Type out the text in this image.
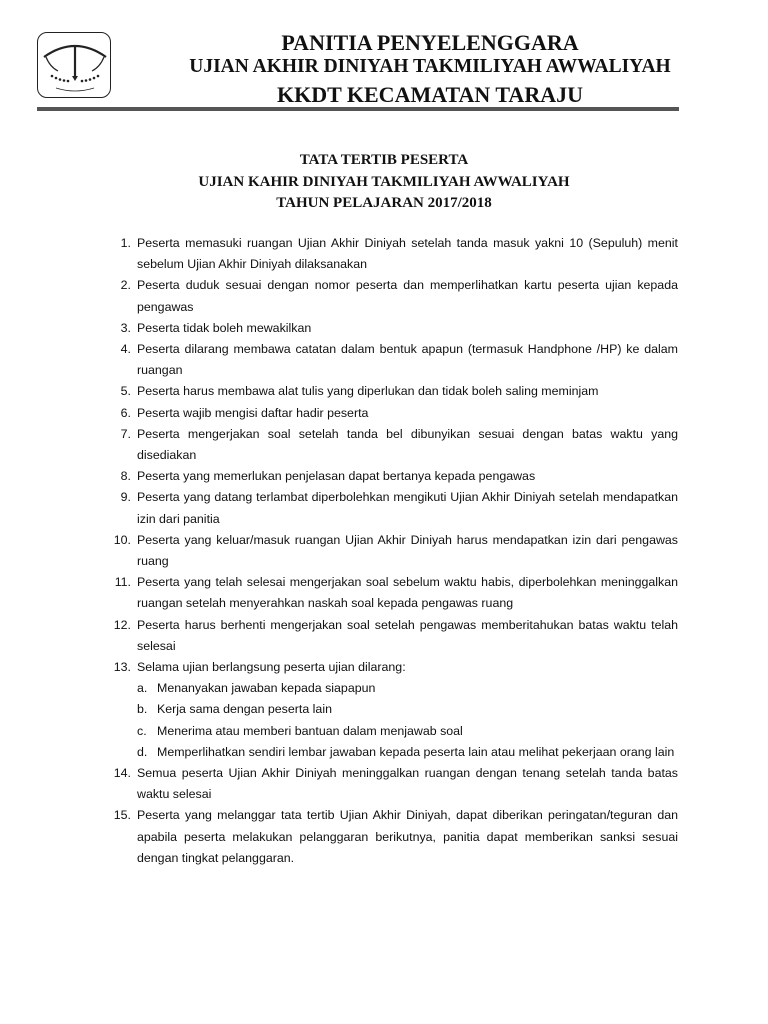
PANITIA PENYELENGGARA
UJIAN AKHIR DINIYAH TAKMILIYAH AWWALIYAH
KKDT KECAMATAN TARAJU
TATA TERTIB PESERTA
UJIAN KAHIR DINIYAH TAKMILIYAH AWWALIYAH
TAHUN PELAJARAN 2017/2018
1. Peserta memasuki ruangan Ujian Akhir Diniyah setelah tanda masuk yakni 10 (Sepuluh) menit sebelum Ujian Akhir Diniyah dilaksanakan
2. Peserta duduk sesuai dengan nomor peserta dan memperlihatkan kartu peserta ujian kepada pengawas
3. Peserta tidak boleh mewakilkan
4. Peserta dilarang membawa catatan dalam bentuk apapun (termasuk Handphone /HP) ke dalam ruangan
5. Peserta harus membawa alat tulis yang diperlukan dan tidak boleh saling meminjam
6. Peserta wajib mengisi daftar hadir peserta
7. Peserta mengerjakan soal setelah tanda bel dibunyikan sesuai dengan batas waktu yang disediakan
8. Peserta yang memerlukan penjelasan dapat bertanya kepada pengawas
9. Peserta yang datang terlambat diperbolehkan mengikuti Ujian Akhir Diniyah setelah mendapatkan izin dari panitia
10. Peserta yang keluar/masuk ruangan Ujian Akhir Diniyah harus mendapatkan izin dari pengawas ruang
11. Peserta yang telah selesai mengerjakan soal sebelum waktu habis, diperbolehkan meninggalkan ruangan setelah menyerahkan naskah soal kepada pengawas ruang
12. Peserta harus berhenti mengerjakan soal setelah pengawas memberitahukan batas waktu telah selesai
13. Selama ujian berlangsung peserta ujian dilarang:
a. Menanyakan jawaban kepada siapapun
b. Kerja sama dengan peserta lain
c. Menerima atau memberi bantuan dalam menjawab soal
d. Memperlihatkan sendiri lembar jawaban kepada peserta lain atau melihat pekerjaan orang lain
14. Semua peserta Ujian Akhir Diniyah meninggalkan ruangan dengan tenang setelah tanda batas waktu selesai
15. Peserta yang melanggar tata tertib Ujian Akhir Diniyah, dapat diberikan peringatan/teguran dan apabila peserta melakukan pelanggaran berikutnya, panitia dapat memberikan sanksi sesuai dengan tingkat pelanggaran.
